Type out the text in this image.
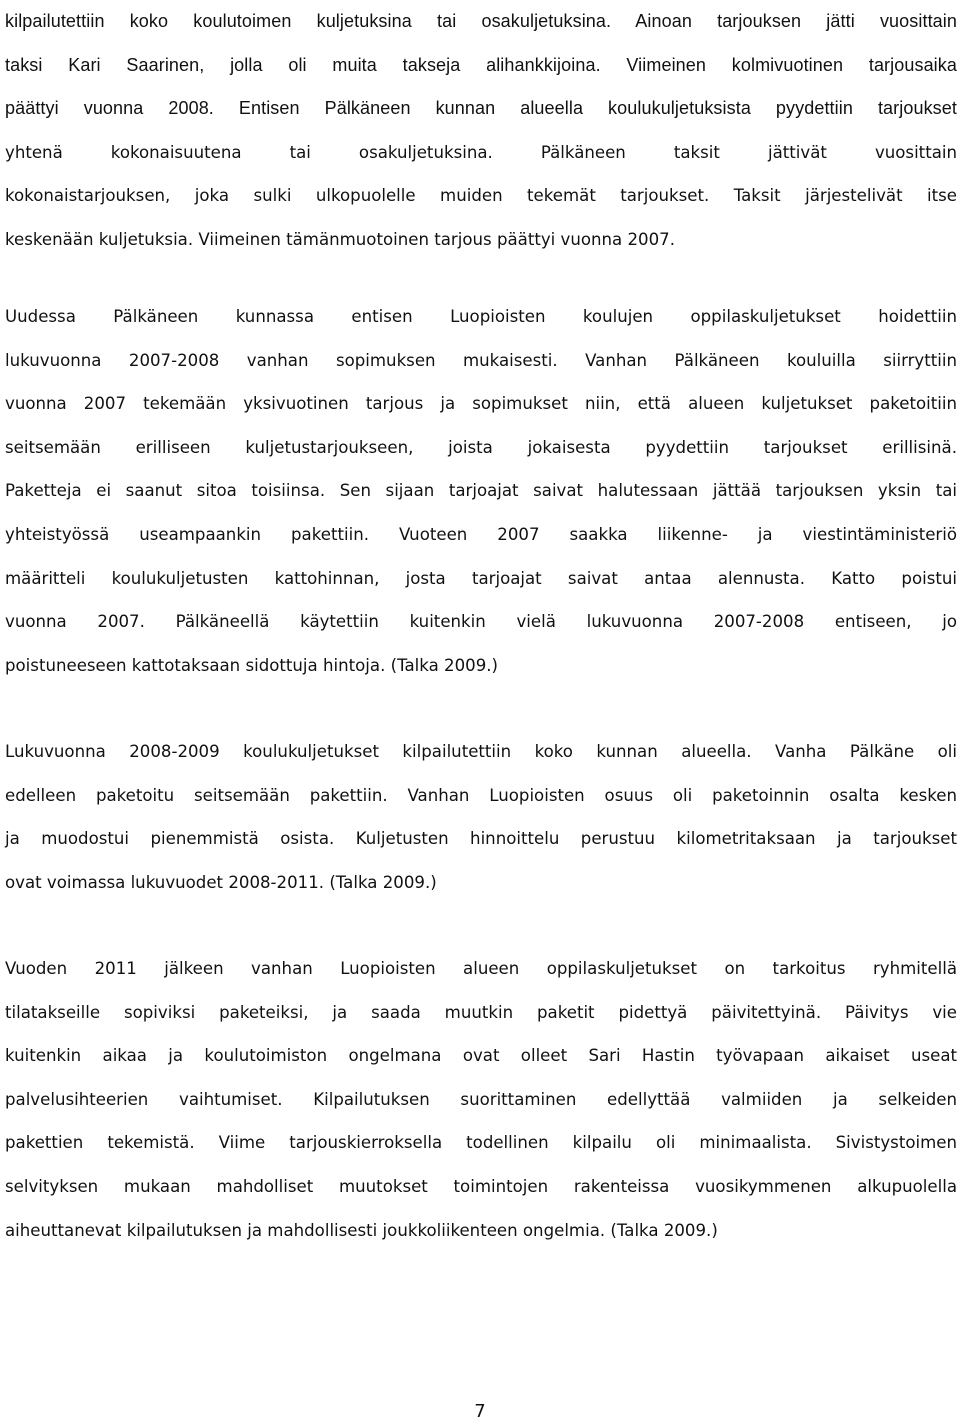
kilpailutettiin koko koulutoimen kuljetuksina tai osakuljetuksina. Ainoan tarjouksen jätti vuosittain
taksi Kari Saarinen, jolla oli muita takseja alihankkijoina. Viimeinen kolmivuotinen tarjousaika
päättyi vuonna 2008. Entisen Pälkäneen kunnan alueella koulukuljetuksista pyydettiin tarjoukset
yhtenä kokonaisuutena tai osakuljetuksina. Pälkäneen taksit jättivät vuosittain
kokonaistarjouksen, joka sulki ulkopuolelle muiden tekemät tarjoukset. Taksit järjestelivät itse
keskenään kuljetuksia. Viimeinen tämänmuotoinen tarjous päättyi vuonna 2007.
Uudessa Pälkäneen kunnassa entisen Luopioisten koulujen oppilaskuljetukset hoidettiin
lukuvuonna 2007-2008 vanhan sopimuksen mukaisesti. Vanhan Pälkäneen kouluilla siirryttiin
vuonna 2007 tekemään yksivuotinen tarjous ja sopimukset niin, että alueen kuljetukset paketoitiin
seitsemään erilliseen kuljetustarjoukseen, joista jokaisesta pyydettiin tarjoukset erillisinä.
Paketteja ei saanut sitoa toisiinsa. Sen sijaan tarjoajat saivat halutessaan jättää tarjouksen yksin tai
yhteistyössä useampaankin pakettiin. Vuoteen 2007 saakka liikenne- ja viestintäministeriö
määritteli koulukuljetusten kattohinnan, josta tarjoajat saivat antaa alennusta. Katto poistui
vuonna 2007. Pälkäneellä käytettiin kuitenkin vielä lukuvuonna 2007-2008 entiseen, jo
poistuneeseen kattotaksaan sidottuja hintoja. (Talka 2009.)
Lukuvuonna 2008-2009 koulukuljetukset kilpailutettiin koko kunnan alueella. Vanha Pälkäne oli
edelleen paketoitu seitsemään pakettiin. Vanhan Luopioisten osuus oli paketoinnin osalta kesken
ja muodostui pienemmistä osista. Kuljetusten hinnoittelu perustuu kilometritaksaan ja tarjoukset
ovat voimassa lukuvuodet 2008-2011. (Talka 2009.)
Vuoden 2011 jälkeen vanhan Luopioisten alueen oppilaskuljetukset on tarkoitus ryhmitellä
tilatakseille sopiviksi paketeiksi, ja saada muutkin paketit pidettyä päivitettyinä. Päivitys vie
kuitenkin aikaa ja koulutoimiston ongelmana ovat olleet Sari Hastin työvapaan aikaiset useat
palvelusihteerien vaihtumiset. Kilpailutuksen suorittaminen edellyttää valmiiden ja selkeiden
pakettien tekemistä. Viime tarjouskierroksella todellinen kilpailu oli minimaalista. Sivistystoimen
selvityksen mukaan mahdolliset muutokset toimintojen rakenteissa vuosikymmenen alkupuolella
aiheuttanevat kilpailutuksen ja mahdollisesti joukkoliikenteen ongelmia. (Talka 2009.)
7
